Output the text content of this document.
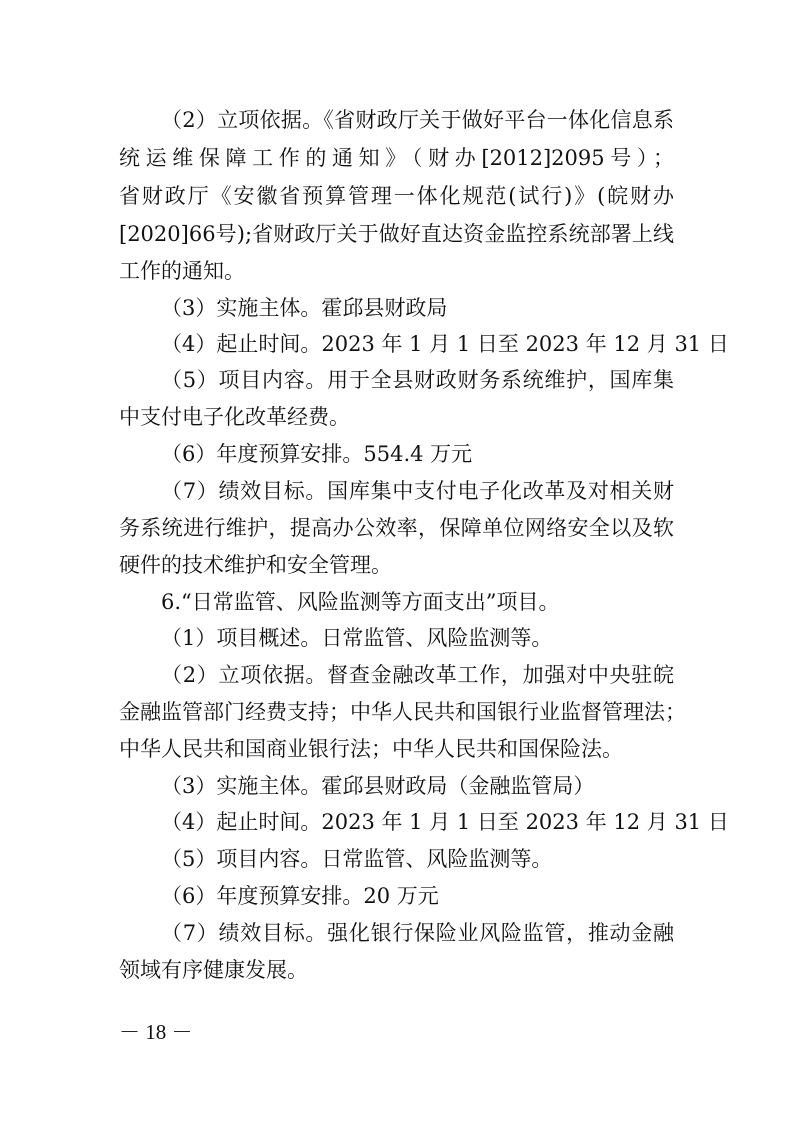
（2）立项依据。《省财政厅关于做好平台一体化信息系
统运维保障工作的通知》（财办[2012]2095号）；
省财政厅《安徽省预算管理一体化规范(试行)》(皖财办
[2020]66号);省财政厅关于做好直达资金监控系统部署上线
工作的通知。
（3）实施主体。霍邱县财政局
（4）起止时间。2023 年 1 月 1 日至 2023 年 12 月 31 日
（5）项目内容。用于全县财政财务系统维护，国库集
中支付电子化改革经费。
（6）年度预算安排。554.4 万元
（7）绩效目标。国库集中支付电子化改革及对相关财
务系统进行维护，提高办公效率，保障单位网络安全以及软
硬件的技术维护和安全管理。
6.“日常监管、风险监测等方面支出”项目。
（1）项目概述。日常监管、风险监测等。
（2）立项依据。督查金融改革工作，加强对中央驻皖
金融监管部门经费支持；中华人民共和国银行业监督管理法；
中华人民共和国商业银行法；中华人民共和国保险法。
（3）实施主体。霍邱县财政局（金融监管局）
（4）起止时间。2023 年 1 月 1 日至 2023 年 12 月 31 日
（5）项目内容。日常监管、风险监测等。
（6）年度预算安排。20 万元
（7）绩效目标。强化银行保险业风险监管，推动金融
领域有序健康发展。
－ 18 －
